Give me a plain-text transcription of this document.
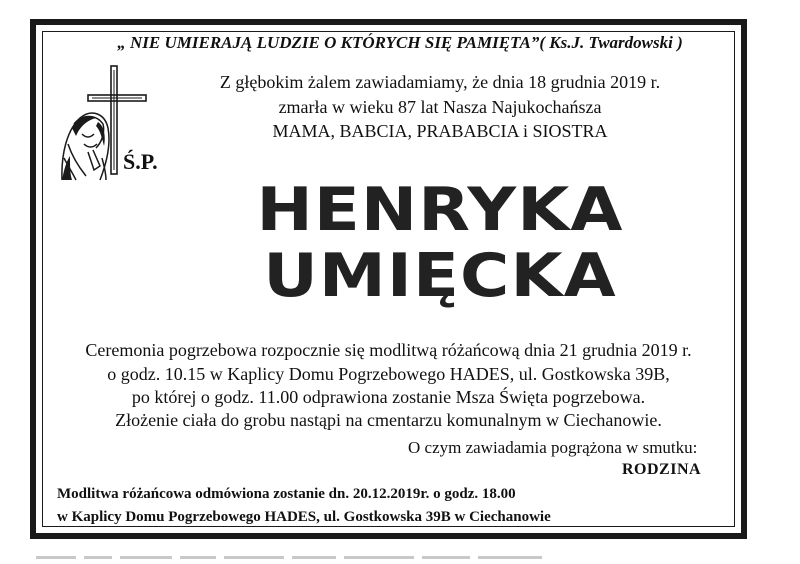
„ NIE UMIERAJĄ LUDZIE O KTÓRYCH SIĘ PAMIĘTA”( Ks.J. Twardowski )
Ś.P.
Z głębokim żalem zawiadamiamy, że dnia 18 grudnia 2019 r.
zmarła w wieku 87 lat Nasza Najukochańsza
MAMA, BABCIA, PRABABCIA i SIOSTRA
HENRYKA
UMIĘCKA
Ceremonia pogrzebowa rozpocznie się modlitwą różańcową dnia 21 grudnia 2019 r.
o godz. 10.15 w Kaplicy Domu Pogrzebowego HADES, ul. Gostkowska 39B,
po której o godz. 11.00 odprawiona zostanie Msza Święta pogrzebowa.
Złożenie ciała do grobu nastąpi na cmentarzu komunalnym w Ciechanowie.
O czym zawiadamia pogrążona w smutku:
RODZINA
Modlitwa różańcowa odmówiona zostanie dn. 20.12.2019r. o godz. 18.00
w Kaplicy Domu Pogrzebowego HADES, ul. Gostkowska 39B w Ciechanowie
